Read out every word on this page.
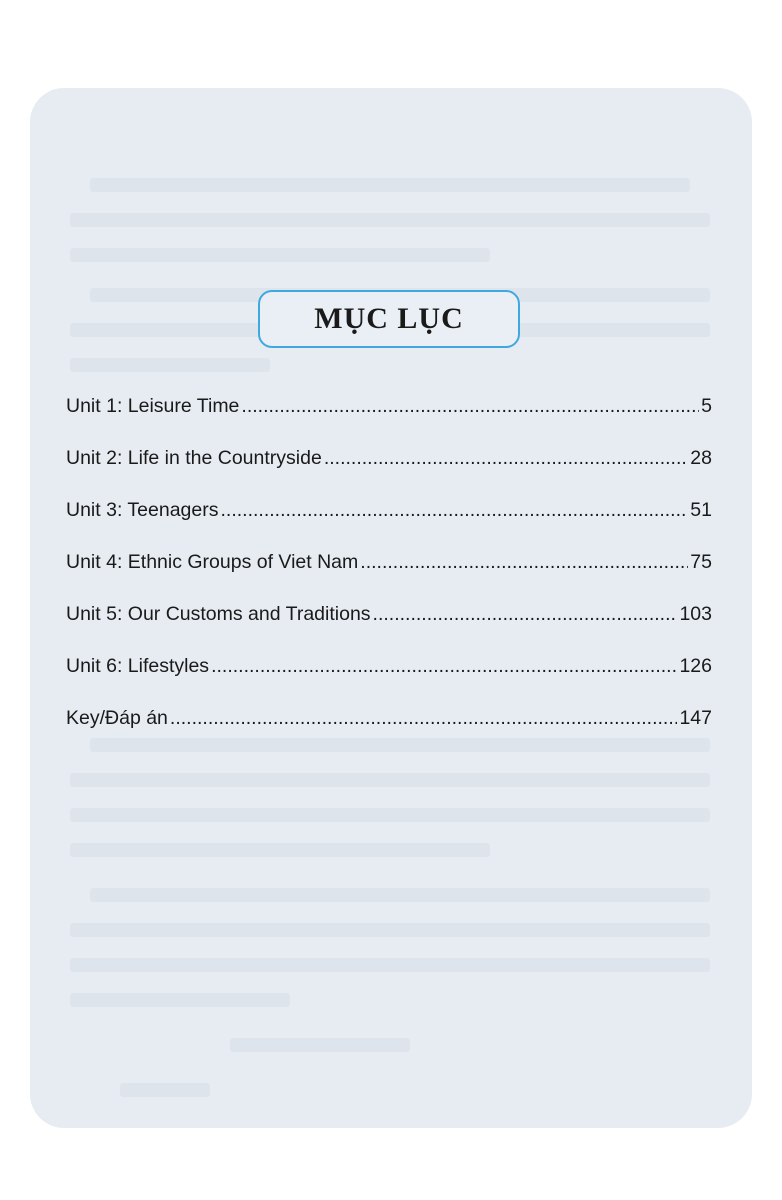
MỤC LỤC
Unit 1: Leisure Time .....	5
Unit 2: Life in the Countryside .....	28
Unit 3: Teenagers .....	51
Unit 4: Ethnic Groups of Viet Nam .....	75
Unit 5: Our Customs and Traditions .....	103
Unit 6: Lifestyles .....	126
Key/Đáp án .....	147
